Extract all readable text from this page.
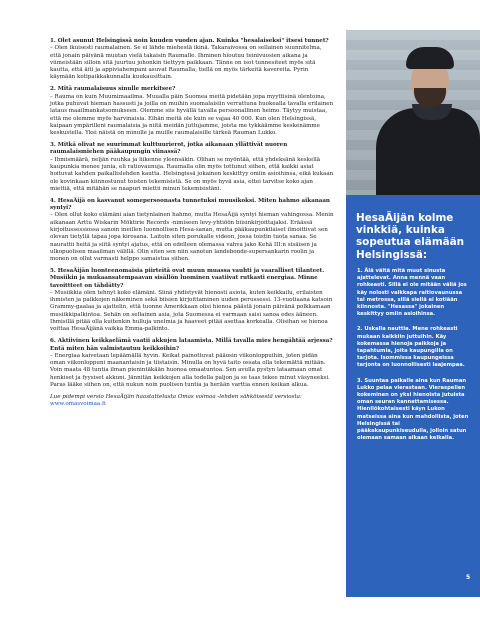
1. Olet asunut Helsingissä noin kuuden vuoden ajan. Kuinka "hesalaiseksi" itsesi tunnet?

– Olen ikuisesti raumalainen. Se ei lähde miehestä ikinä. Takaraivossa on sellainen suunnitelma, että jonain päivänä muutan vielä takaisin Raumalle. Ihminen hioutuu teinivuosien aikana ja viimeistään silloin sitä juurtuu johonkin tiettyyn paikkaan. Tänne on isot tunnesiteet myös sitä kautta, että äiti ja appiviahempani asuvat Raumalla, tiellä on myös tärkeitä kavereita. Pyrin käymään kotipaikkakunnalla kuukausittain.

2. Mitä raumalaisuus sinulle merkitsee?

– Rauma on kuin Muumimaailma. Muualla päin Suomea meitä pidetään jopa myyttisinä olentoina, jotka puhuvat hieman hassusti ja joilla on muihin suomalaisiin verrattuna huokealla tavalla erilainen lataus maailmankatsomukseen. Olemme siis hyvällä tavalla persoonallinen heimo. Täytyy muistaa, että me olemme myös harvinaisia. Eihän meitä ole kuin se vajaa 40 000. Kun olen Helsingissä, kaipaan ympärilleni raumalaisia ja niitä meidän juttujamme, joista me tykkäämme keskenämme keskustella. Yksi näistä on minulle ja muille raumalaisille tärkeä Rauman Lukko.

3. Mitkä olivat ne suurimmat kulttuurierot, jotka aikanaan yllättivät nuoren raumalaismiehen pääkaupungin viinassä?

– Ihmismäärä, neljän ruuhka ja liikenne yleensäkin. Olihan se myöntää, että yhdeksänä keskellä kaupunkia menee junia, eli ratiovaunuja. Raumalla olin myös tottunut siihen, että kaikki asiat hoituvat kahden paikallislehden kautta. Helsingissä jokainen keskittyy omiin asioihinsa, eikä kukaan ole kovinkaan kiinnostunut toisten tekemisistä. Se on myös hyvä asia, ettei tarvitse koko ajan miettiä, että mitähän se naapuri miettii minun tekemisistäni.

4. HesaÄijä on kasvanut somepersoonasta tunnetuksi muusikoksi. Miten hahmo aikanaan syntyi?

– Olen ollut koko elämäni aian tietynlainen hahmo, mutta HesaÄijä syntyi hieman vahingossa. Menin aikanaan Arttu Wiskarin Möktirie Records -nimiseen levy-yhtiöön biisinkirjoittajaksi. Eräässä kirjoitussessiossa sanoin ineillen luonnollisen Hesa-sanan, mutta pääkaupunkilaiset ilmoittivat sen olevan tietyllä tapaa jopa kirosana. Laitoin siten porukalle videon, jossa toistin tuota sanaa. Se naurattii heitä ja siitä syntyi ajatus, että on edelleen olemassa vahva jako Kehä III:n sisäisen ja ulkopuolisen maailman välillä. Olin siten sen niin sanotun landebonde-supersankarin roolin ja monen on ollut varmasti helppo samaistua siihen.

5. HesaÄijän luonteenomaisia piirteitä ovat muun muassa vauhti ja vaaralliset tilanteet. Musiikin ja mukaansatempaavan sisällön luominen vaatiivat rutkasti energiaa. Minne tavoittteet on tähdätty?

– Musiikkia olen tehnyt koko elämäni. Siinä yhdistyvät hienosti asiota, kuten keikkailu, erilaisten ihmisten ja paikkojen näkeminen sekä biisien kirjoittaminen uuden perussessi. 13-vuotiaana katsoin Grammy-gaalaa ja ajattelin, että tuonne Amerikkaan olisi hienoa päästä jonain päivänä polkkamaan musiikkipalkintoa. Sehän on sellainen asia, jota Suomessa ei varmaan saisi sanoa edes ääneen. Ihmisillä pitää olla kuitenkin hulluja unelmia ja haaveet pitää asettaa korkealla. Olisihan se hienoa voittaa HesaÄijänä vaikka Emma-palkinto.

6. Aktiivinen keikkaelämä vaatii akkujen lataamista. Millä tavalla mies hengähtää arjessa? Entä miten hän valmistautuu keikkoihin?

– Energiaa kaivetaan lepäämällä hyvin. Keikat painottuvat pääosin viikonloppuihin, joten pidän oman viikonloppuni maanantaisin ja tiistaisin. Minulla on hyvä taito ossata olla tekemättä mitään. Voin maata 48 tuntia ilman pienintäkään huonoa omaatuntoa. Sen avulla pystyn lataamaan omat henkiset ja fyysiset akkuni. Jännitän keikkojen alla todella paljon ja se taas tekee minut väsyneeksi. Paras lääke siihen on, että nukun noin puolisen tuntia ja herään varttia ennen keikan alkua.

Lue pidempi versio HesaÄijän haastattelusta Omas voimaa -lehden sähköisestä versiosta: www.omasvoimaa.fi

HesaÄijän kolme vinkkiä, kuinka sopeutua elämään Helsingissä:

1. Älä väitä mitä muut sinusta ajattelevat. Anna mennä vaan rohkeasti. Sillä ei ole mitään väliä jos käy nolosti vaikkapa raitiovaunussa tai metrossa, sillä siellä ei kotiään kiinnosta. "Hesassa" jokainen keskittyy omiin asioihinsa.

2. Uskalla nauttia. Mene rohkeasti mukaan kaikkiin juttuihin. Käy kokemassa hienoja paikkoja ja tapahtumia, joita kaupungilla on tarjota. Isommissa kaupungeissa tarjonta on luonnollisesti laajempaa.

3. Suuntaa paikalle aina kun Rauman Lukko pelaa vierastaan. Vieraspelien kokeminen on yksi hienoista jutuista oman seuran kannattamisessa. Hienllökohtaisesti käyn Lukon matseissa aina kun mahdollista, joten Helsingissä tai pääkakaupunkiseudulla, jolloin satun olemaan samaan aikaan keikalla.

5
